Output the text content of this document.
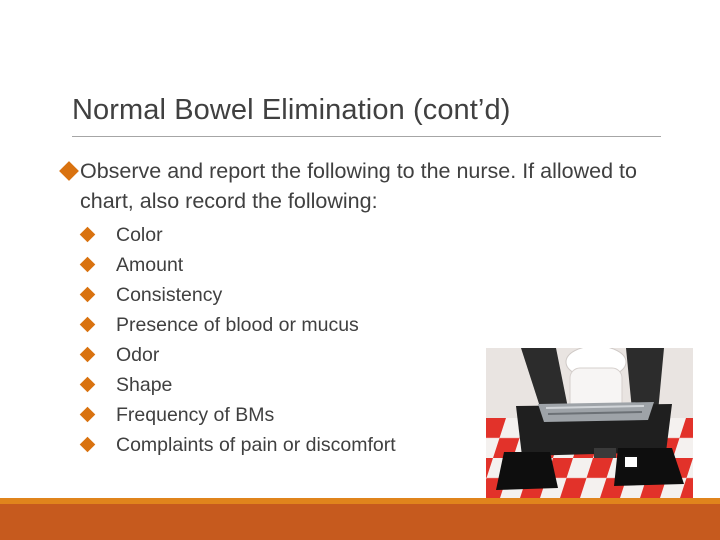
Normal Bowel Elimination (cont’d)
Observe and report the following to the nurse. If allowed to chart, also record the following:
Color
Amount
Consistency
Presence of blood or mucus
Odor
Shape
Frequency of BMs
Complaints of pain or discomfort
